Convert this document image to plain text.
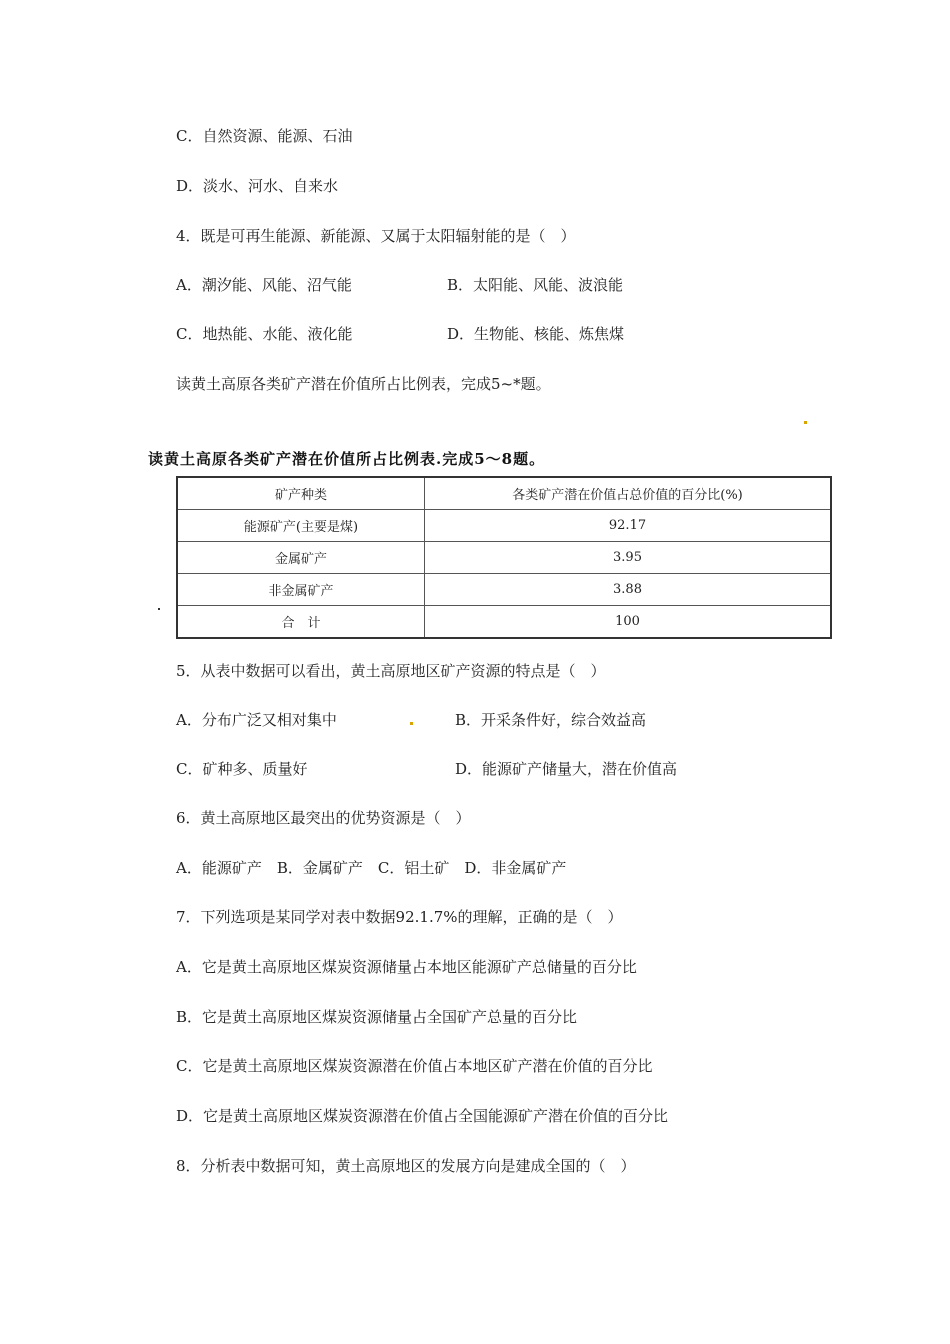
C．自然资源、能源、石油
D．淡水、河水、自来水
4．既是可再生能源、新能源、又属于太阳辐射能的是（　）
A．潮汐能、风能、沼气能	B．太阳能、风能、波浪能
C．地热能、水能、液化能	D．生物能、核能、炼焦煤
读黄土高原各类矿产潜在价值所占比例表，完成5~*题。
读黄土高原各类矿产潜在价值所占比例表.完成5～8题。
矿产种类	各类矿产潜在价值占总价值的百分比(%)
能源矿产(主要是煤)	92.17
金属矿产	3.95
非金属矿产	3.88
合　计	100
5．从表中数据可以看出，黄土高原地区矿产资源的特点是（　）
A．分布广泛又相对集中	B．开采条件好，综合效益高
C．矿种多、质量好	D．能源矿产储量大，潜在价值高
6．黄土高原地区最突出的优势资源是（　）
A．能源矿产　B．金属矿产　C．铝土矿　D．非金属矿产
7．下列选项是某同学对表中数据92.1.7%的理解，正确的是（　）
A．它是黄土高原地区煤炭资源储量占本地区能源矿产总储量的百分比
B．它是黄土高原地区煤炭资源储量占全国矿产总量的百分比
C．它是黄土高原地区煤炭资源潜在价值占本地区矿产潜在价值的百分比
D．它是黄土高原地区煤炭资源潜在价值占全国能源矿产潜在价值的百分比
8．分析表中数据可知，黄土高原地区的发展方向是建成全国的（　）
